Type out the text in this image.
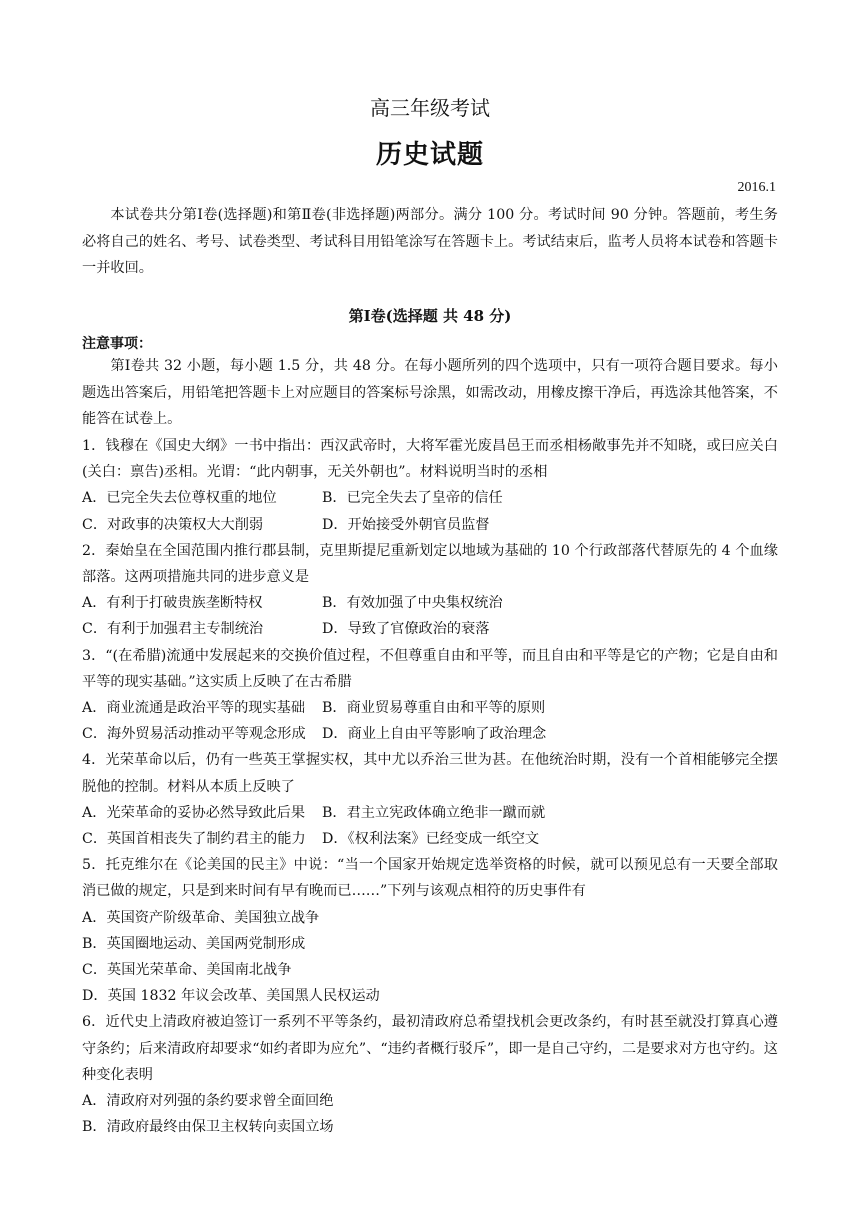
高三年级考试
历史试题
2016.1
本试卷共分第Ⅰ卷(选择题)和第Ⅱ卷(非选择题)两部分。满分 100 分。考试时间 90 分钟。答题前，考生务必将自己的姓名、考号、试卷类型、考试科目用铅笔涂写在答题卡上。考试结束后，监考人员将本试卷和答题卡一并收回。
第Ⅰ卷(选择题 共 48 分)
注意事项：
第Ⅰ卷共 32 小题，每小题 1.5 分，共 48 分。在每小题所列的四个选项中，只有一项符合题目要求。每小题选出答案后，用铅笔把答题卡上对应题目的答案标号涂黑，如需改动，用橡皮擦干净后，再选涂其他答案，不能答在试卷上。
1．钱穆在《国史大纲》一书中指出：西汉武帝时，大将军霍光废昌邑王而丞相杨敞事先并不知晓，或曰应关白(关白：禀告)丞相。光谓：“此内朝事，无关外朝也”。材料说明当时的丞相
A．已完全失去位尊权重的地位	B．已完全失去了皇帝的信任
C．对政事的决策权大大削弱	D．开始接受外朝官员监督
2．秦始皇在全国范围内推行郡县制，克里斯提尼重新划定以地域为基础的 10 个行政部落代替原先的 4 个血缘部落。这两项措施共同的进步意义是
A．有利于打破贵族垄断特权	B．有效加强了中央集权统治
C．有利于加强君主专制统治	D．导致了官僚政治的衰落
3．“(在希腊)流通中发展起来的交换价值过程，不但尊重自由和平等，而且自由和平等是它的产物；它是自由和平等的现实基础。”这实质上反映了在古希腊
A．商业流通是政治平等的现实基础	B．商业贸易尊重自由和平等的原则
C．海外贸易活动推动平等观念形成	D．商业上自由平等影响了政治理念
4．光荣革命以后，仍有一些英王掌握实权，其中尤以乔治三世为甚。在他统治时期，没有一个首相能够完全摆脱他的控制。材料从本质上反映了
A．光荣革命的妥协必然导致此后果	B．君主立宪政体确立绝非一蹴而就
C．英国首相丧失了制约君主的能力	D．《权利法案》已经变成一纸空文
5．托克维尔在《论美国的民主》中说：“当一个国家开始规定选举资格的时候，就可以预见总有一天要全部取消已做的规定，只是到来时间有早有晚而已……”下列与该观点相符的历史事件有
A．英国资产阶级革命、美国独立战争
B．英国圈地运动、美国两党制形成
C．英国光荣革命、美国南北战争
D．英国 1832 年议会改革、美国黑人民权运动
6．近代史上清政府被迫签订一系列不平等条约，最初清政府总希望找机会更改条约，有时甚至就没打算真心遵守条约；后来清政府却要求“如约者即为应允”、“违约者概行驳斥”，即一是自己守约，二是要求对方也守约。这种变化表明
A．清政府对列强的条约要求曾全面回绝
B．清政府最终由保卫主权转向卖国立场
